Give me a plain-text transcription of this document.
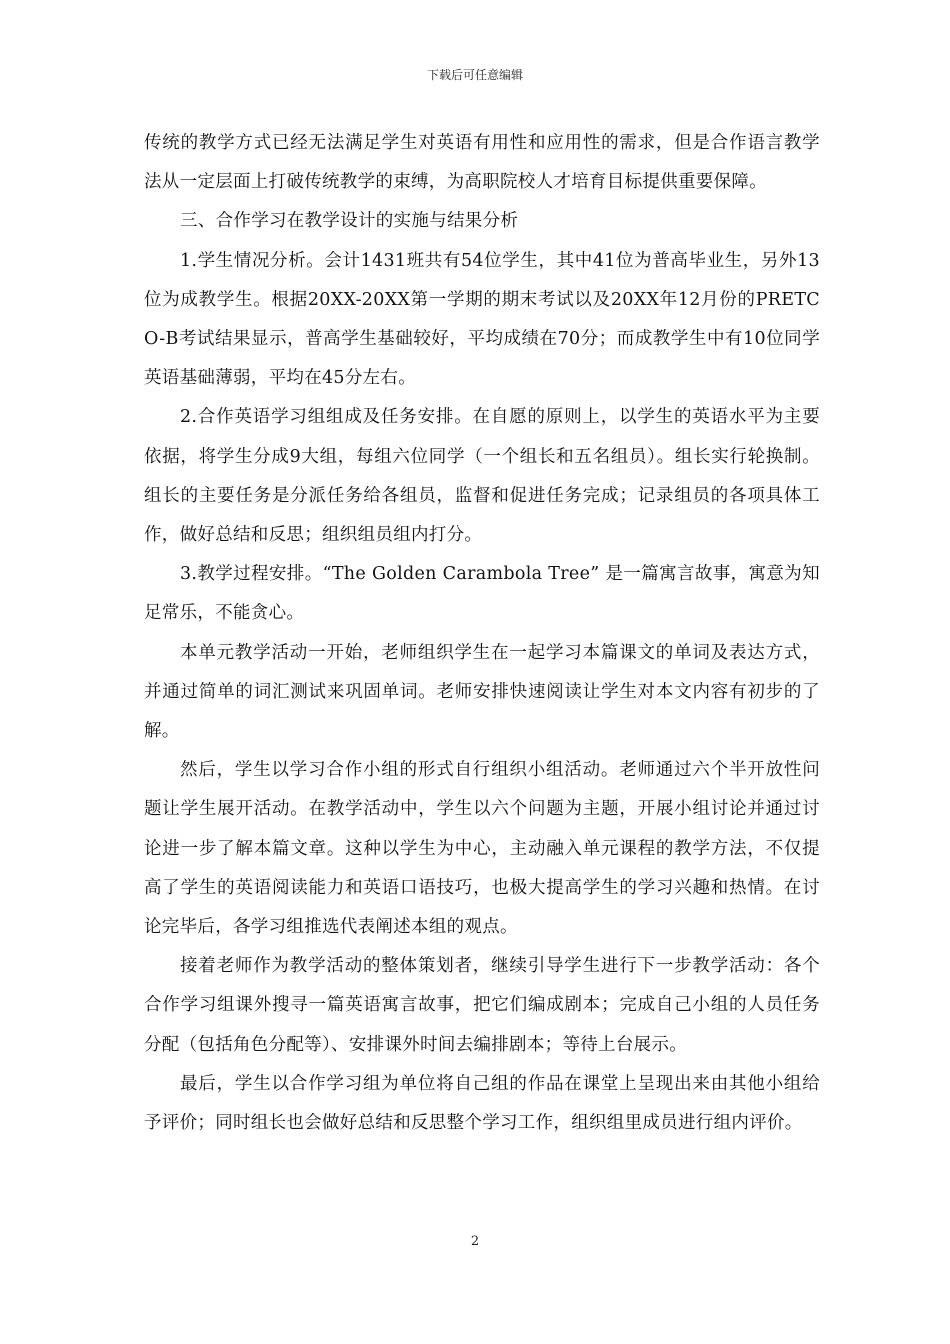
下载后可任意编辑

传统的教学方式已经无法满足学生对英语有用性和应用性的需求，但是合作语言教学法从一定层面上打破传统教学的束缚，为高职院校人才培育目标提供重要保障。

三、合作学习在教学设计的实施与结果分析

1.学生情况分析。会计1431班共有54位学生，其中41位为普高毕业生，另外13位为成教学生。根据20XX-20XX第一学期的期末考试以及20XX年12月份的PRETCO-B考试结果显示，普高学生基础较好，平均成绩在70分；而成教学生中有10位同学英语基础薄弱，平均在45分左右。

2.合作英语学习组组成及任务安排。在自愿的原则上，以学生的英语水平为主要依据，将学生分成9大组，每组六位同学（一个组长和五名组员）。组长实行轮换制。组长的主要任务是分派任务给各组员，监督和促进任务完成；记录组员的各项具体工作，做好总结和反思；组织组员组内打分。

3.教学过程安排。“The Golden Carambola Tree” 是一篇寓言故事，寓意为知足常乐，不能贪心。

本单元教学活动一开始，老师组织学生在一起学习本篇课文的单词及表达方式，并通过简单的词汇测试来巩固单词。老师安排快速阅读让学生对本文内容有初步的了解。

然后，学生以学习合作小组的形式自行组织小组活动。老师通过六个半开放性问题让学生展开活动。在教学活动中，学生以六个问题为主题，开展小组讨论并通过讨论进一步了解本篇文章。这种以学生为中心，主动融入单元课程的教学方法，不仅提高了学生的英语阅读能力和英语口语技巧，也极大提高学生的学习兴趣和热情。在讨论完毕后，各学习组推选代表阐述本组的观点。

接着老师作为教学活动的整体策划者，继续引导学生进行下一步教学活动：各个合作学习组课外搜寻一篇英语寓言故事，把它们编成剧本；完成自己小组的人员任务分配（包括角色分配等）、安排课外时间去编排剧本；等待上台展示。

最后，学生以合作学习组为单位将自己组的作品在课堂上呈现出来由其他小组给予评价；同时组长也会做好总结和反思整个学习工作，组织组里成员进行组内评价。

2
